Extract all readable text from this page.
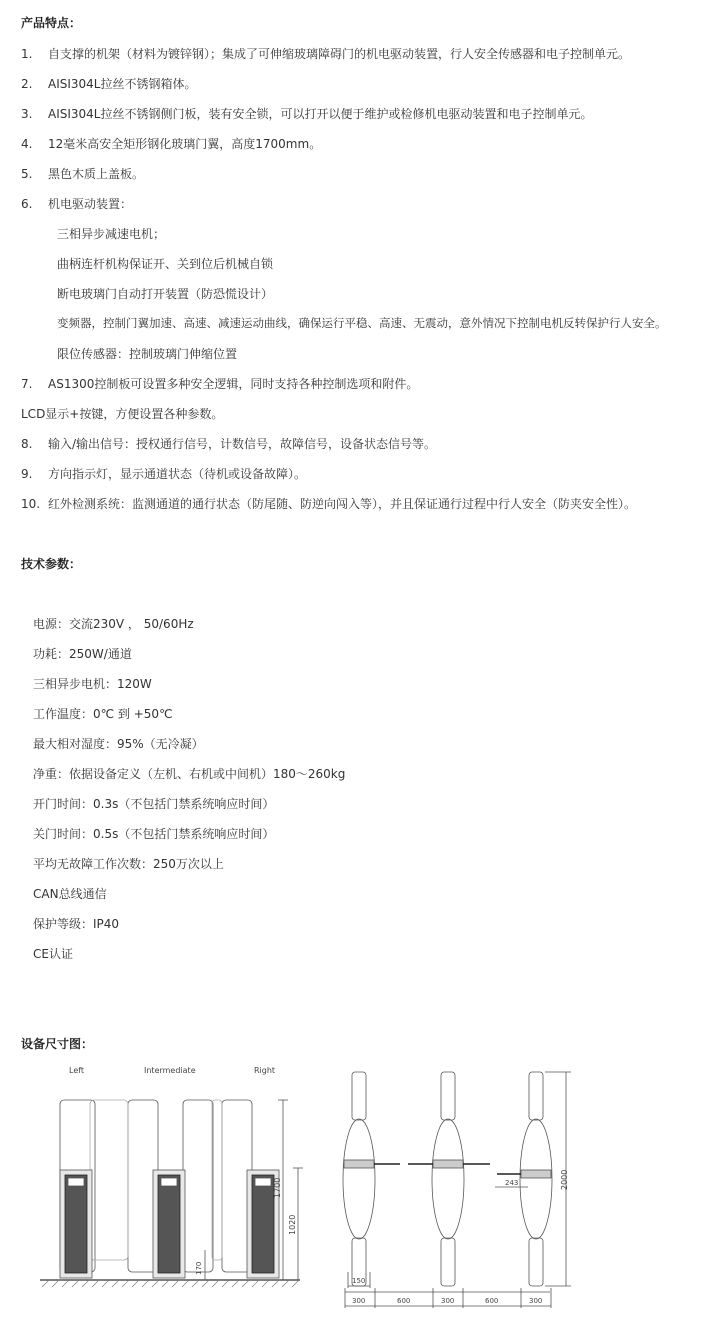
产品特点：
1. 自支撑的机架（材料为镀锌钢）；集成了可伸缩玻璃障碍门的机电驱动装置，行人安全传感器和电子控制单元。
2. AISI304L拉丝不锈钢箱体。
3. AISI304L拉丝不锈钢侧门板，装有安全锁，可以打开以便于维护或检修机电驱动装置和电子控制单元。
4. 12毫米高安全矩形钢化玻璃门翼，高度1700mm。
5. 黑色木质上盖板。
6. 机电驱动装置：
三相异步减速电机；
曲柄连杆机构保证开、关到位后机械自锁
断电玻璃门自动打开装置（防恐慌设计）
变频器，控制门翼加速、高速、减速运动曲线，确保运行平稳、高速、无震动，意外情况下控制电机反转保护行人安全。
限位传感器：控制玻璃门伸缩位置
7. AS1300控制板可设置多种安全逻辑，同时支持各种控制选项和附件。
LCD显示+按键，方便设置各种参数。
8. 输入/输出信号：授权通行信号，计数信号，故障信号，设备状态信号等。
9. 方向指示灯，显示通道状态（待机或设备故障）。
10. 红外检测系统：监测通道的通行状态（防尾随、防逆向闯入等），并且保证通行过程中行人安全（防夹安全性）。
技术参数：
电源：交流230V ， 50/60Hz
功耗：250W/通道
三相异步电机：120W
工作温度：0℃ 到 +50℃
最大相对湿度：95%（无冷凝）
净重：依据设备定义（左机、右机或中间机）180～260kg
开门时间：0.3s（不包括门禁系统响应时间）
关门时间：0.5s（不包括门禁系统响应时间）
平均无故障工作次数：250万次以上
CAN总线通信
保护等级：IP40
CE认证
设备尺寸图：
Left	Intermediate	Right
1700
1020
170
2000
243
150
300	600	300	600	300
